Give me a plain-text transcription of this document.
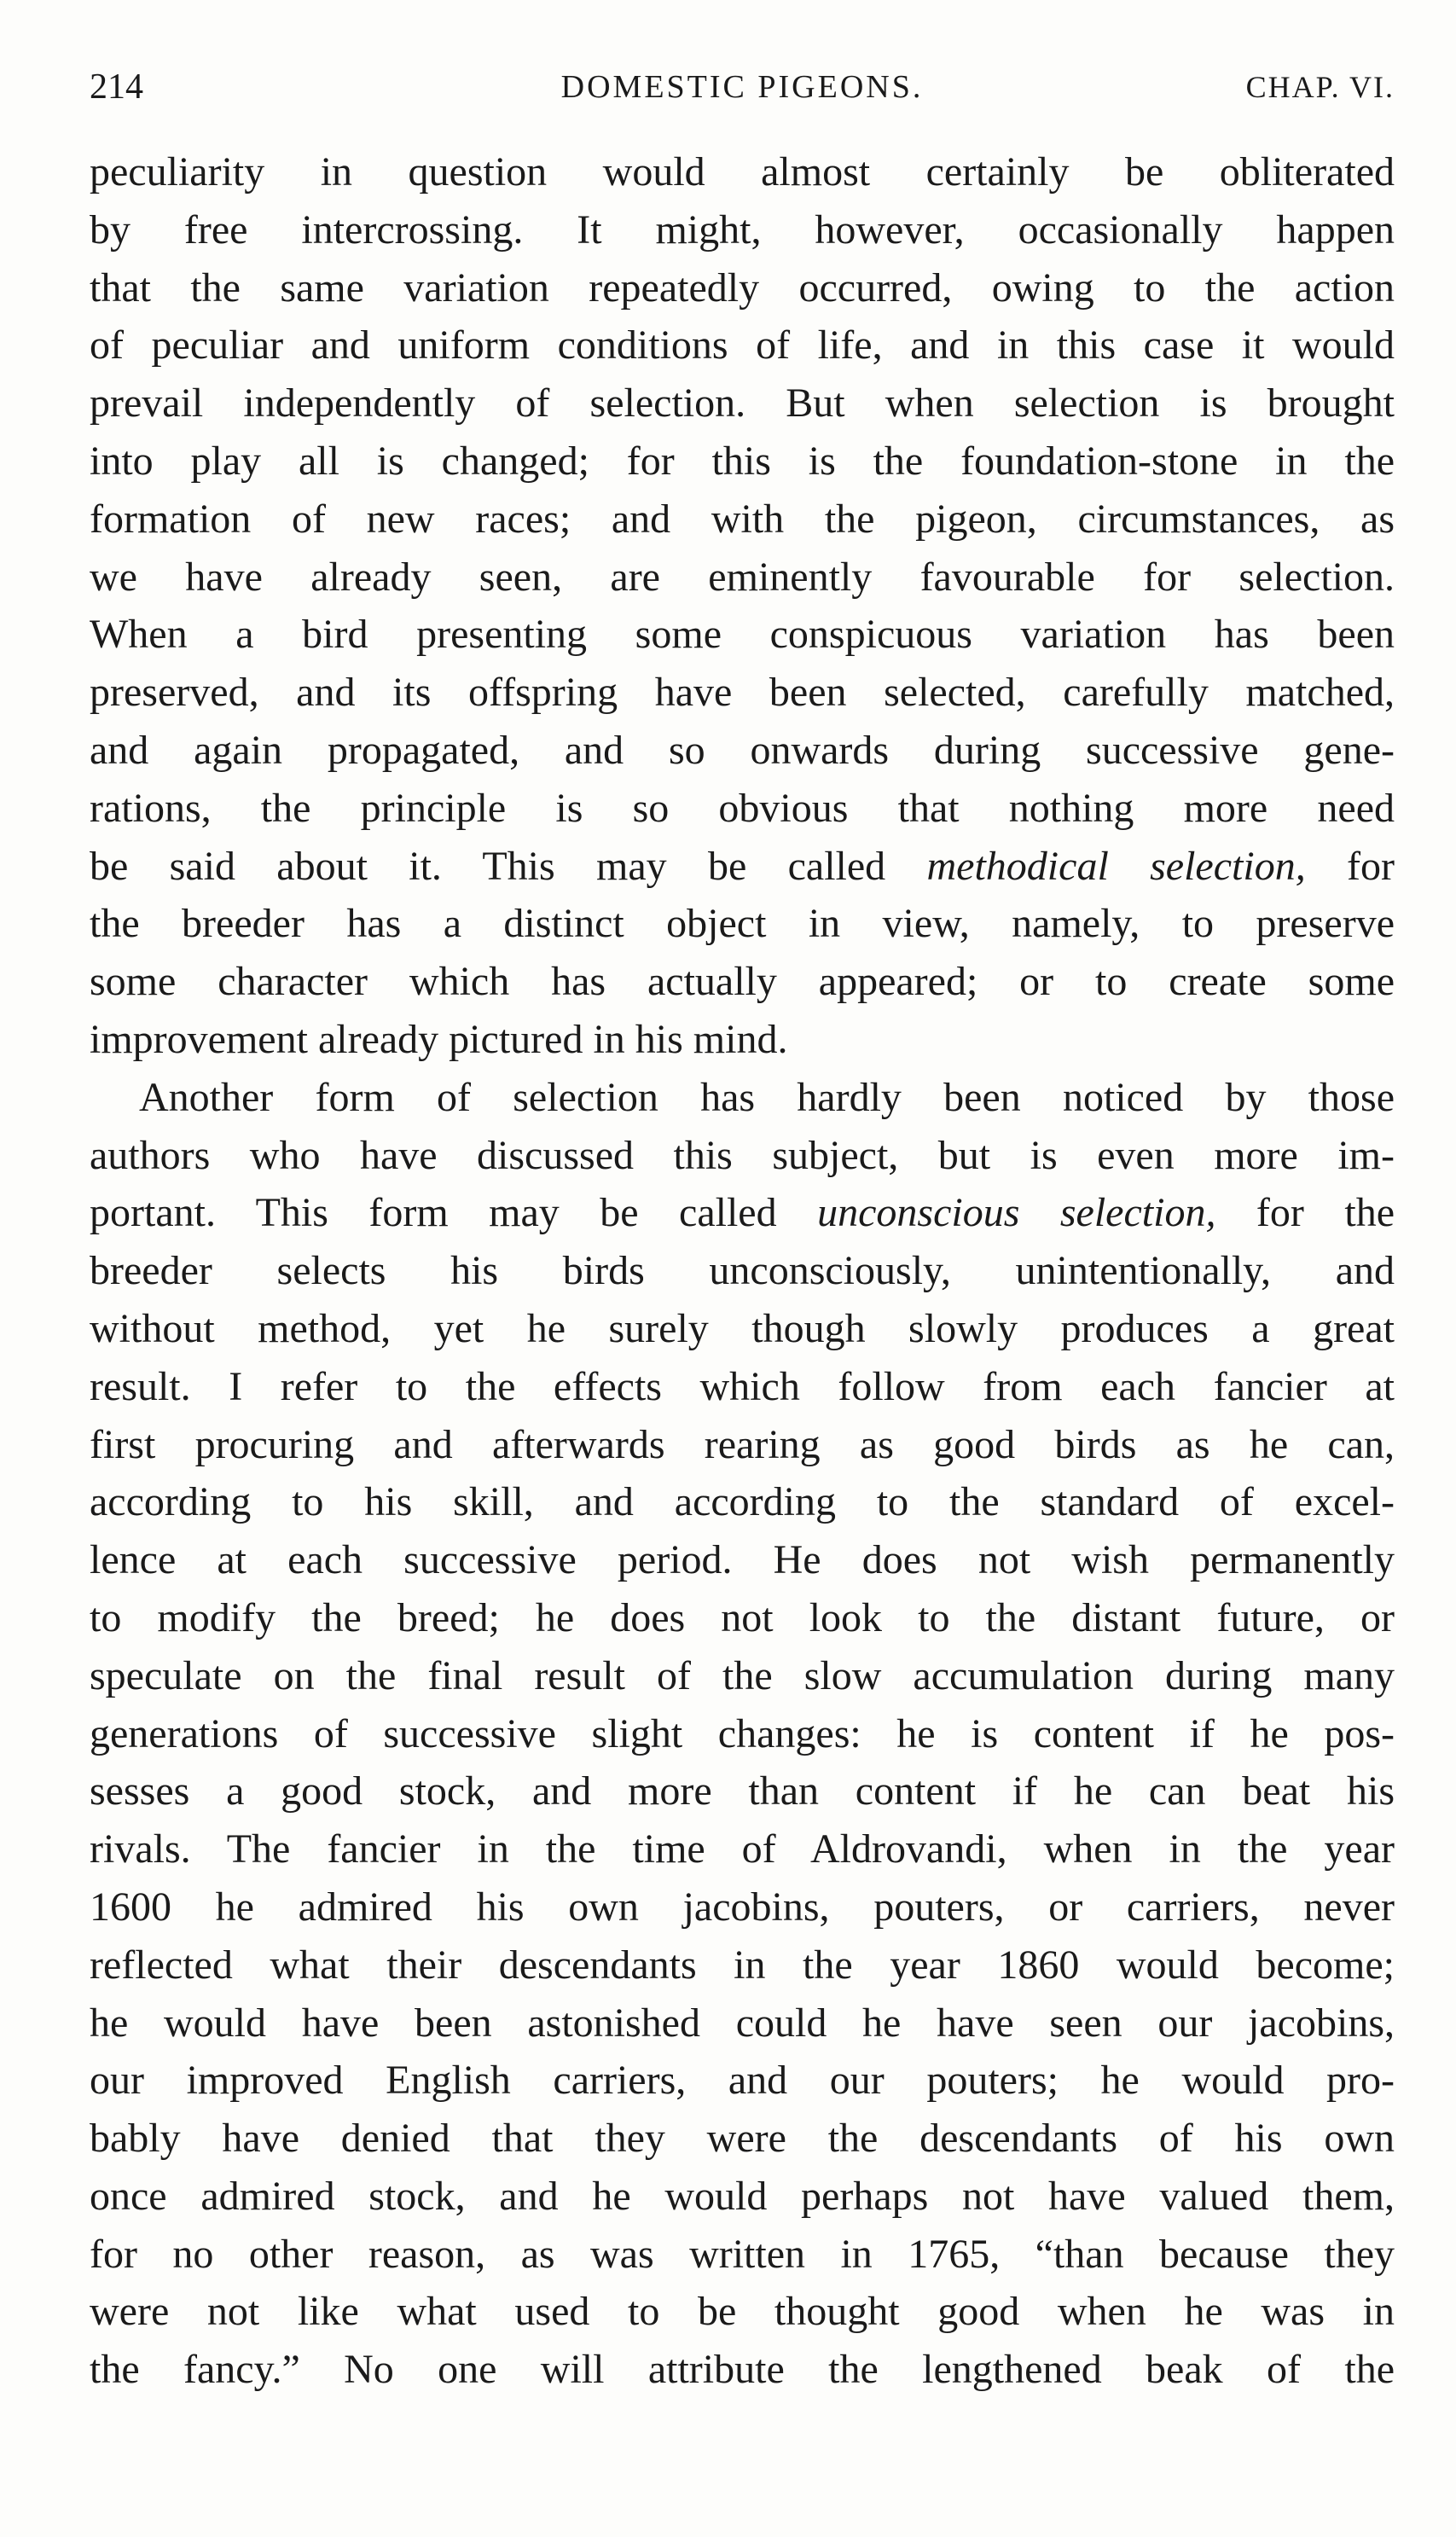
214	DOMESTIC PIGEONS.	CHAP. VI.
peculiarity in question would almost certainly be obliterated
by free intercrossing. It might, however, occasionally happen
that the same variation repeatedly occurred, owing to the action
of peculiar and uniform conditions of life, and in this case it would
prevail independently of selection. But when selection is brought
into play all is changed; for this is the foundation-stone in the
formation of new races; and with the pigeon, circumstances, as
we have already seen, are eminently favourable for selection.
When a bird presenting some conspicuous variation has been
preserved, and its offspring have been selected, carefully matched,
and again propagated, and so onwards during successive gene-
rations, the principle is so obvious that nothing more need
be said about it. This may be called methodical selection, for
the breeder has a distinct object in view, namely, to preserve
some character which has actually appeared; or to create some
improvement already pictured in his mind.
Another form of selection has hardly been noticed by those
authors who have discussed this subject, but is even more im-
portant. This form may be called unconscious selection, for the
breeder selects his birds unconsciously, unintentionally, and
without method, yet he surely though slowly produces a great
result. I refer to the effects which follow from each fancier at
first procuring and afterwards rearing as good birds as he can,
according to his skill, and according to the standard of excel-
lence at each successive period. He does not wish permanently
to modify the breed; he does not look to the distant future, or
speculate on the final result of the slow accumulation during many
generations of successive slight changes: he is content if he pos-
sesses a good stock, and more than content if he can beat his
rivals. The fancier in the time of Aldrovandi, when in the year
1600 he admired his own jacobins, pouters, or carriers, never
reflected what their descendants in the year 1860 would become;
he would have been astonished could he have seen our jacobins,
our improved English carriers, and our pouters; he would pro-
bably have denied that they were the descendants of his own
once admired stock, and he would perhaps not have valued them,
for no other reason, as was written in 1765, “than because they
were not like what used to be thought good when he was in
the fancy.” No one will attribute the lengthened beak of the
